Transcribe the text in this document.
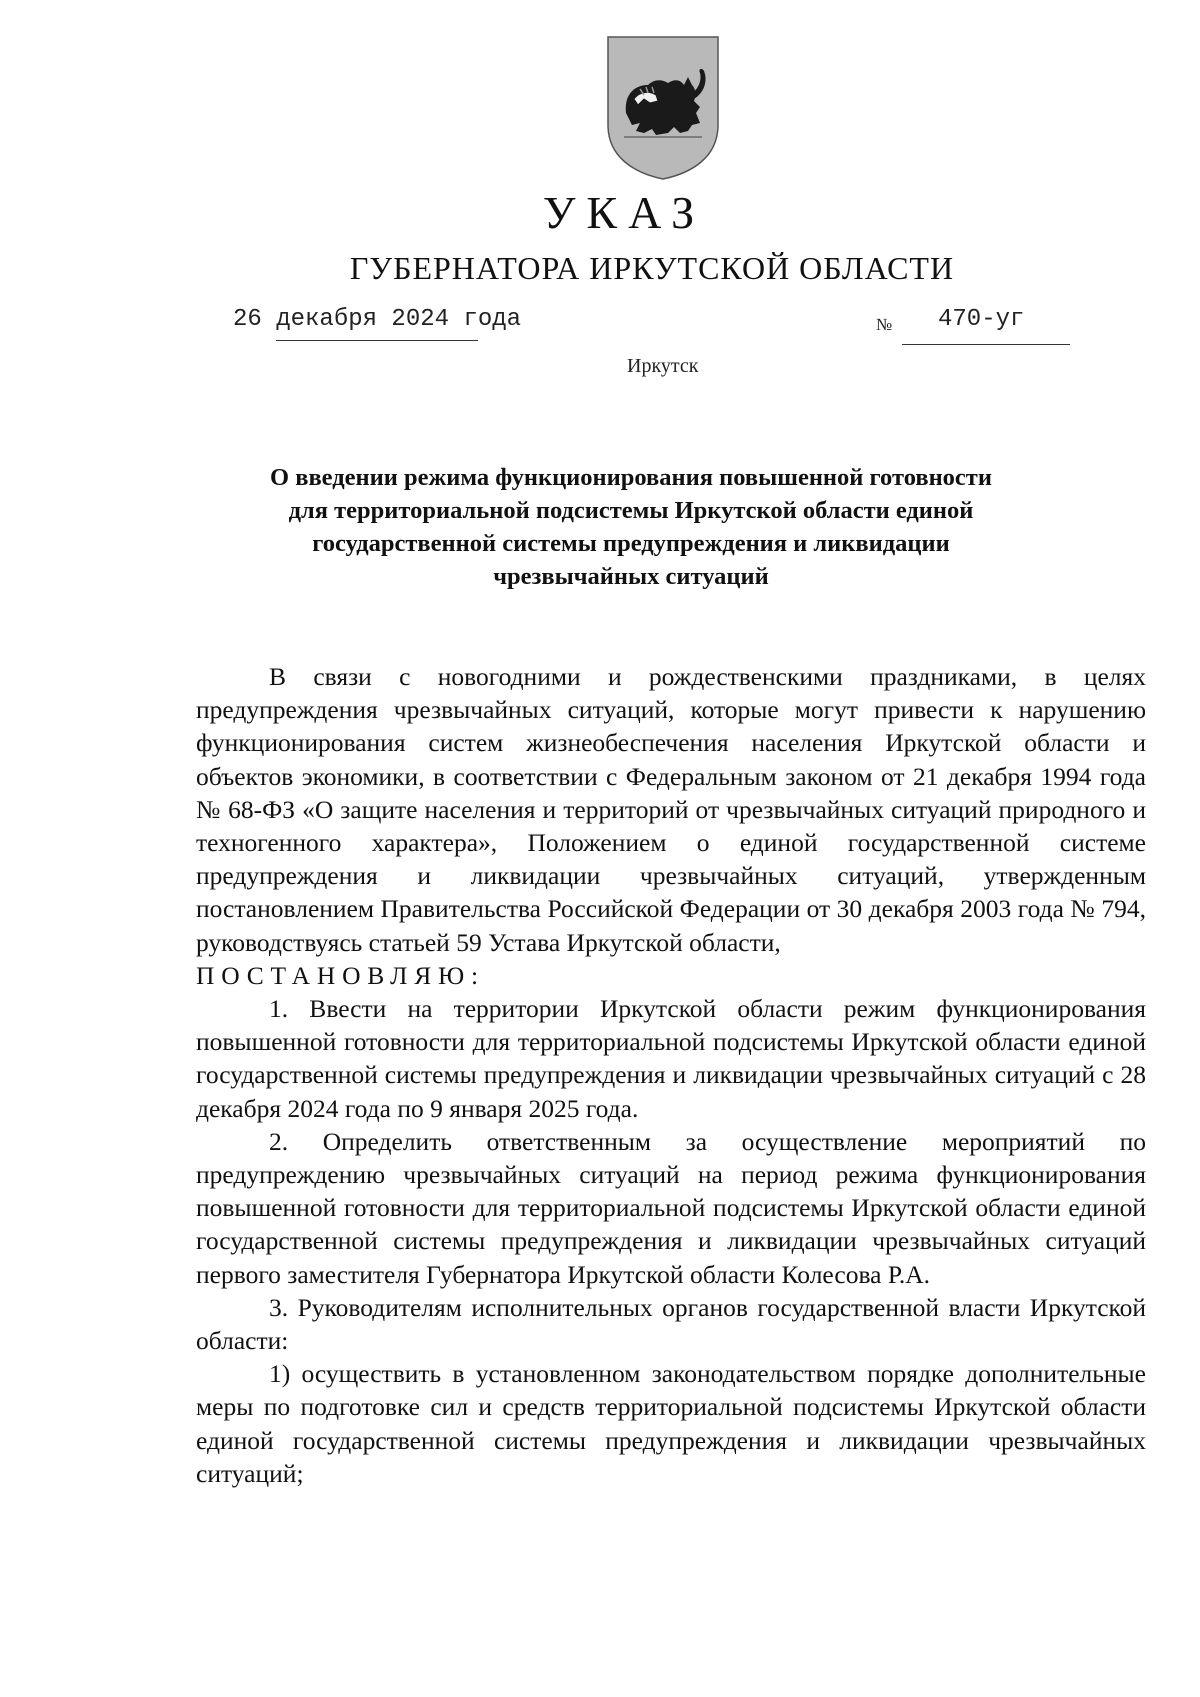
УКАЗ
ГУБЕРНАТОРА ИРКУТСКОЙ ОБЛАСТИ
26 декабря 2024 года	№ 470-уг
Иркутск
О введении режима функционирования повышенной готовности
для территориальной подсистемы Иркутской области единой
государственной системы предупреждения и ликвидации
чрезвычайных ситуаций

В связи с новогодними и рождественскими праздниками, в целях предупреждения чрезвычайных ситуаций, которые могут привести к нарушению функционирования систем жизнеобеспечения населения Иркутской области и объектов экономики, в соответствии с Федеральным законом от 21 декабря 1994 года № 68-ФЗ «О защите населения и территорий от чрезвычайных ситуаций природного и техногенного характера», Положением о единой государственной системе предупреждения и ликвидации чрезвычайных ситуаций, утвержденным постановлением Правительства Российской Федерации от 30 декабря 2003 года № 794, руководствуясь статьей 59 Устава Иркутской области,

ПОСТАНОВЛЯЮ:

1. Ввести на территории Иркутской области режим функционирования повышенной готовности для территориальной подсистемы Иркутской области единой государственной системы предупреждения и ликвидации чрезвычайных ситуаций с 28 декабря 2024 года по 9 января 2025 года.

2. Определить ответственным за осуществление мероприятий по предупреждению чрезвычайных ситуаций на период режима функционирования повышенной готовности для территориальной подсистемы Иркутской области единой государственной системы предупреждения и ликвидации чрезвычайных ситуаций первого заместителя Губернатора Иркутской области Колесова Р.А.

3. Руководителям исполнительных органов государственной власти Иркутской области:

1) осуществить в установленном законодательством порядке дополнительные меры по подготовке сил и средств территориальной подсистемы Иркутской области единой государственной системы предупреждения и ликвидации чрезвычайных ситуаций;
